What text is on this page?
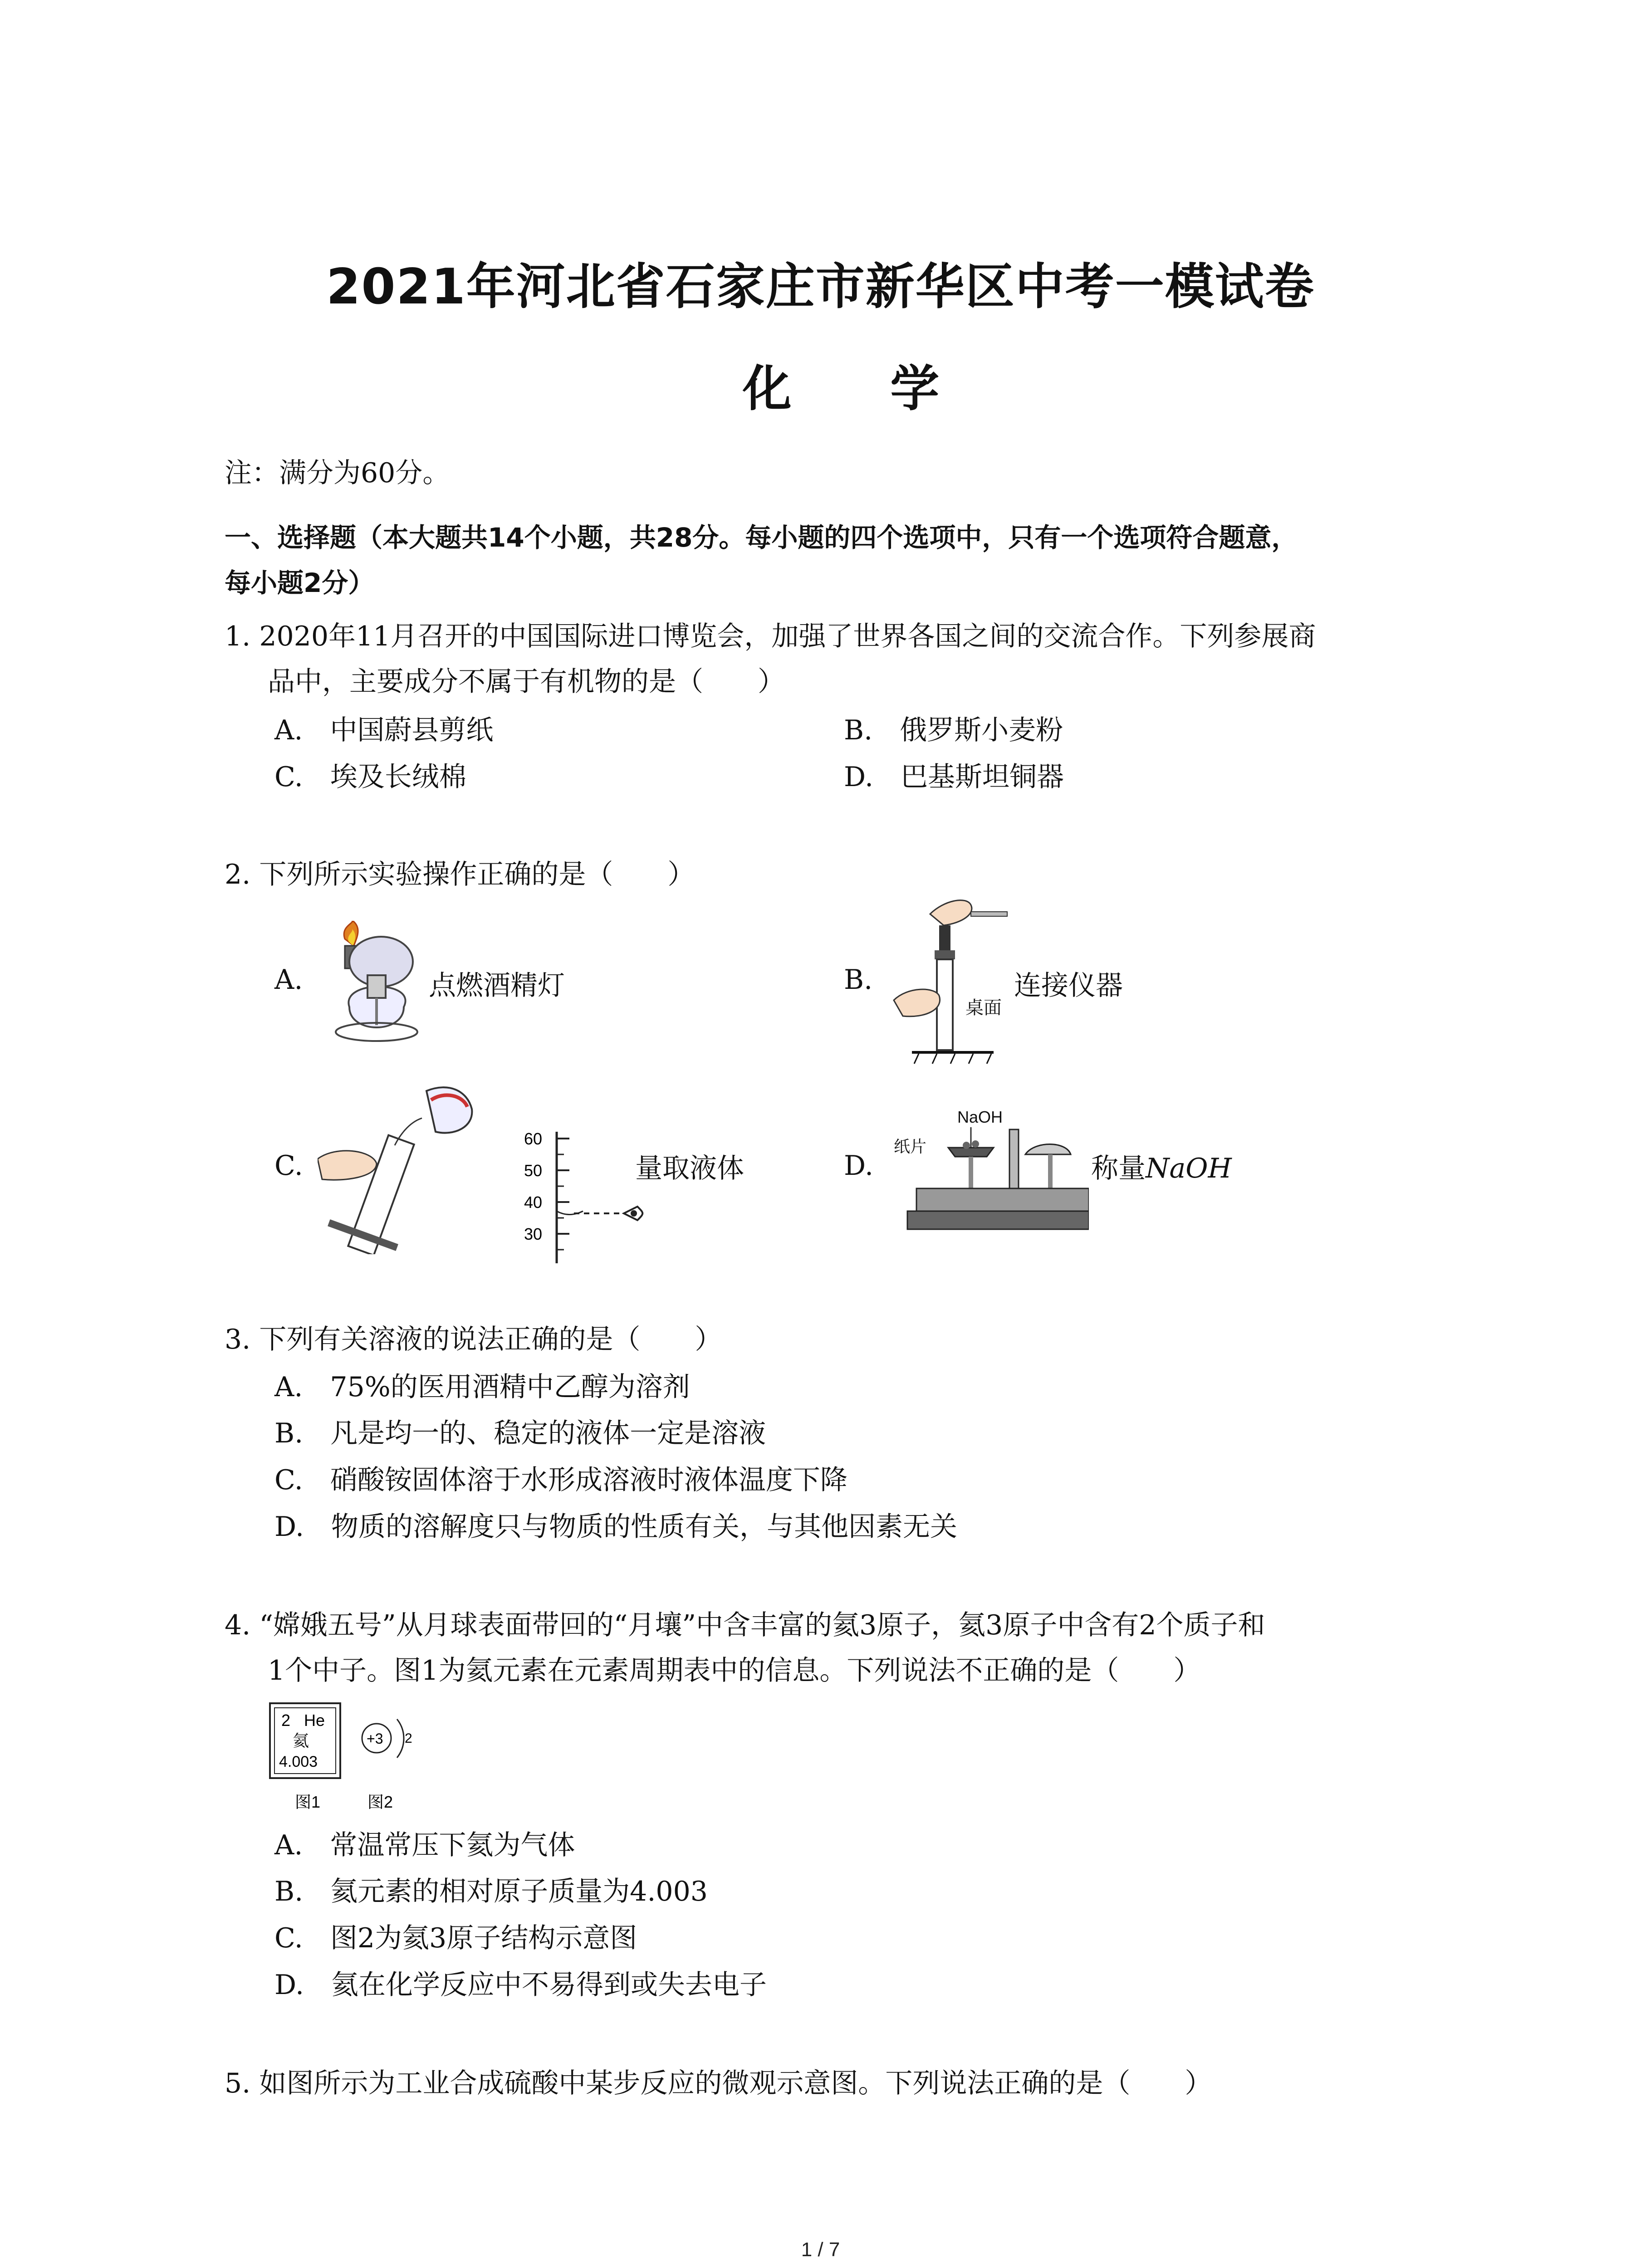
2021年河北省石家庄市新华区中考一模试卷
化 学
注：满分为60分。
一、选择题（本大题共14个小题，共28分。每小题的四个选项中，只有一个选项符合题意，
每小题2分）
1. 2020年11月召开的中国国际进口博览会，加强了世界各国之间的交流合作。下列参展商
品中，主要成分不属于有机物的是（　　）
A.　中国蔚县剪纸	B.　俄罗斯小麦粉
C.　埃及长绒棉	D.　巴基斯坦铜器
2. 下列所示实验操作正确的是（　　）
A.	点燃酒精灯	B.
桌面
连接仪器
C.
60
50
40
30
量取液体	D.
NaOH
纸片
称量NaOH
3. 下列有关溶液的说法正确的是（　　）
A.　75%的医用酒精中乙醇为溶剂
B.　凡是均一的、稳定的液体一定是溶液
C.　硝酸铵固体溶于水形成溶液时液体温度下降
D.　物质的溶解度只与物质的性质有关，与其他因素无关
4. “嫦娥五号”从月球表面带回的“月壤”中含丰富的氦3原子，氦3原子中含有2个质子和
1个中子。图1为氦元素在元素周期表中的信息。下列说法不正确的是（　　）
2 He
氦
4.003
+3 2
图1	图2
A.　常温常压下氦为气体
B.　氦元素的相对原子质量为4.003
C.　图2为氦3原子结构示意图
D.　氦在化学反应中不易得到或失去电子
5. 如图所示为工业合成硫酸中某步反应的微观示意图。下列说法正确的是（　　）
1 / 7
